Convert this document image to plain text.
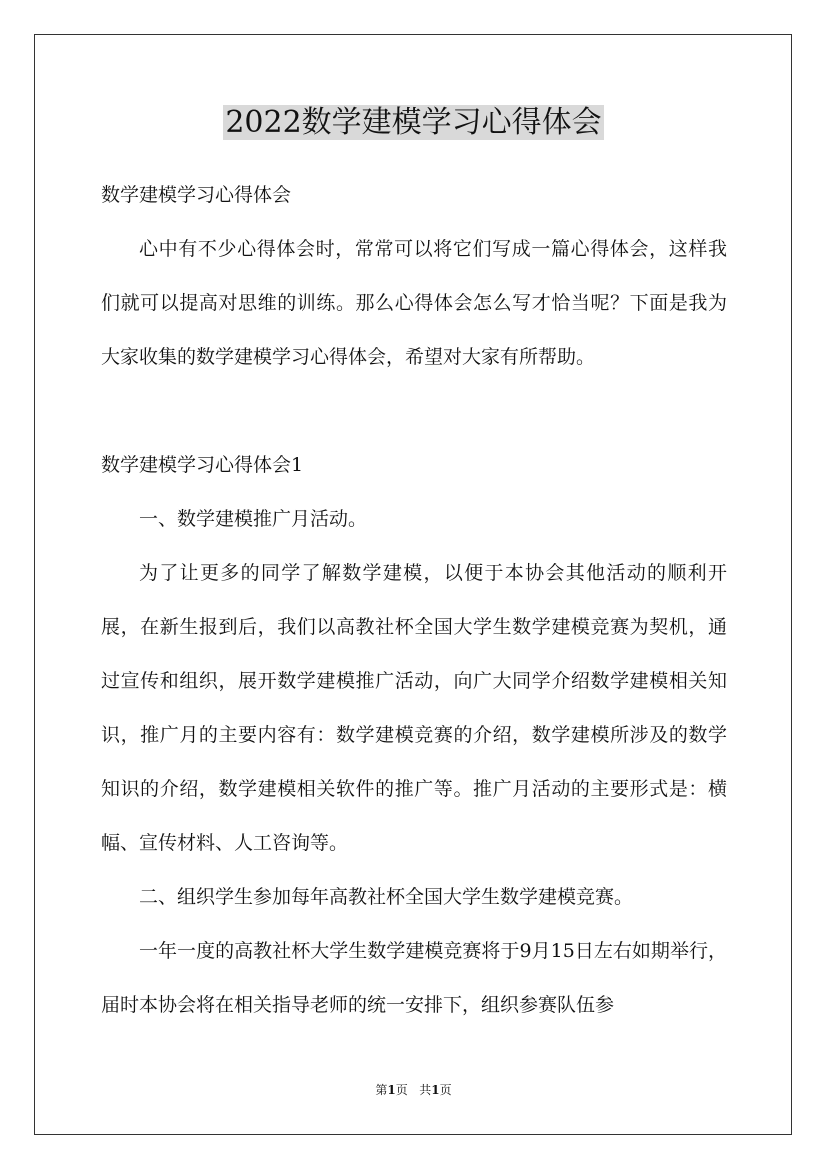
2022数学建模学习心得体会

数学建模学习心得体会

心中有不少心得体会时，常常可以将它们写成一篇心得体会，这样我们就可以提高对思维的训练。那么心得体会怎么写才恰当呢？下面是我为大家收集的数学建模学习心得体会，希望对大家有所帮助。

数学建模学习心得体会1

一、数学建模推广月活动。

为了让更多的同学了解数学建模，以便于本协会其他活动的顺利开展，在新生报到后，我们以高教社杯全国大学生数学建模竞赛为契机，通过宣传和组织，展开数学建模推广活动，向广大同学介绍数学建模相关知识，推广月的主要内容有：数学建模竞赛的介绍，数学建模所涉及的数学知识的介绍，数学建模相关软件的推广等。推广月活动的主要形式是：横幅、宣传材料、人工咨询等。

二、组织学生参加每年高教社杯全国大学生数学建模竞赛。

一年一度的高教社杯大学生数学建模竞赛将于9月15日左右如期举行，届时本协会将在相关指导老师的统一安排下，组织参赛队伍参

第1页 共1页
